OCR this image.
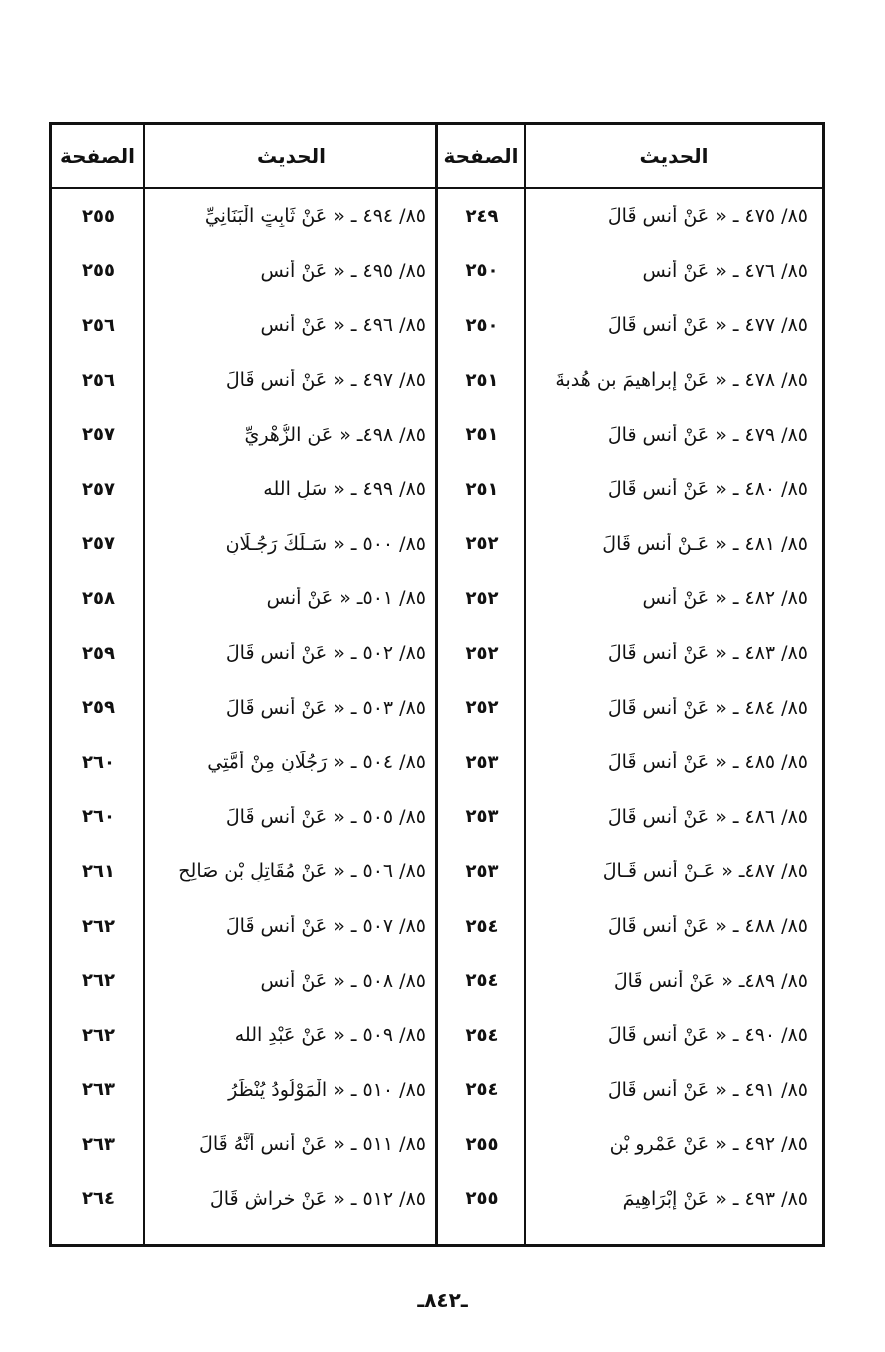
الحديث
الصفحة
٨٥/ ٤٧٥ ـ « عَنْ أنس قَالَ
٢٤٩
٨٥/ ٤٧٦ ـ « عَنْ أنسٍ
٢٥٠
٨٥/ ٤٧٧ ـ « عَنْ أنسٍ قَالَ
٢٥٠
٨٥/ ٤٧٨ ـ « عَنْ إبراهيمَ بن هُدبةَ
٢٥١
٨٥/ ٤٧٩ ـ « عَنْ أنسٍ قالَ
٢٥١
٨٥/ ٤٨٠ ـ « عَنْ أَنسٍ قَالَ
٢٥١
٨٥/ ٤٨١ ـ « عَـنْ أَنسٍ قَالَ
٢٥٢
٨٥/ ٤٨٢ ـ « عَنْ أَنسٍ
٢٥٢
٨٥/ ٤٨٣ ـ « عَنْ أَنسٍ قَالَ
٢٥٢
٨٥/ ٤٨٤ ـ « عَنْ أَنسٍ قَالَ
٢٥٢
٨٥/ ٤٨٥ ـ « عَنْ أَنسٍ قَالَ
٢٥٣
٨٥/ ٤٨٦ ـ « عَنْ أَنسٍ قَالَ
٢٥٣
٨٥/ ٤٨٧ـ « عَـنْ أَنسٍ قَـالَ
٢٥٣
٨٥/ ٤٨٨ ـ « عَنْ أَنسٍ قَالَ
٢٥٤
٨٥/ ٤٨٩ـ « عَنْ أَنسٍ قَالَ
٢٥٤
٨٥/ ٤٩٠ ـ « عَنْ أَنسٍ قَالَ
٢٥٤
٨٥/ ٤٩١ ـ « عَنْ أَنسٍ قَالَ
٢٥٤
٨٥/ ٤٩٢ ـ « عَنْ عَمْرِو بْنِ
٢٥٥
٨٥/ ٤٩٣ ـ « عَنْ إبْرَاهِيمَ
٢٥٥
الحديث
الصفحة
٨٥/ ٤٩٤ ـ « عَنْ ثَابِتٍ الْبَنَانِيِّ
٢٥٥
٨٥/ ٤٩٥ ـ « عَنْ أَنسٍ
٢٥٥
٨٥/ ٤٩٦ ـ « عَنْ أَنسٍ
٢٥٦
٨٥/ ٤٩٧ ـ « عَنْ أَنسٍ قَالَ
٢٥٦
٨٥/ ٤٩٨ـ « عَن الزُّهْرِيِّ
٢٥٧
٨٥/ ٤٩٩ ـ « سَلِ الله
٢٥٧
٨٥/ ٥٠٠ ـ « سَـلَكَ رَجُـلَانِ
٢٥٧
٨٥/ ٥٠١ـ « عَنْ أَنسٍ
٢٥٨
٨٥/ ٥٠٢ ـ « عَنْ أَنسٍ قَالَ
٢٥٩
٨٥/ ٥٠٣ ـ « عَنْ أَنسٍ قَالَ
٢٥٩
٨٥/ ٥٠٤ ـ « رَجُلَانِ مِنْ أُمَّتِي
٢٦٠
٨٥/ ٥٠٥ ـ « عَنْ أَنسٍ قَالَ
٢٦٠
٨٥/ ٥٠٦ ـ « عَنْ مُقَاتِلِ بْنِ صَالِحٍ
٢٦١
٨٥/ ٥٠٧ ـ « عَنْ أَنسٍ قَالَ
٢٦٢
٨٥/ ٥٠٨ ـ « عَنْ أَنسٍ
٢٦٢
٨٥/ ٥٠٩ ـ « عَنْ عَبْدِ الله
٢٦٢
٨٥/ ٥١٠ ـ « الْمَوْلُودُ يُنْظَرُ
٢٦٣
٨٥/ ٥١١ ـ « عَنْ أَنسٍ أَنَّهُ قَالَ
٢٦٣
٨٥/ ٥١٢ ـ « عَنْ خراش قَالَ
٢٦٤
ـ٨٤٢ـ
